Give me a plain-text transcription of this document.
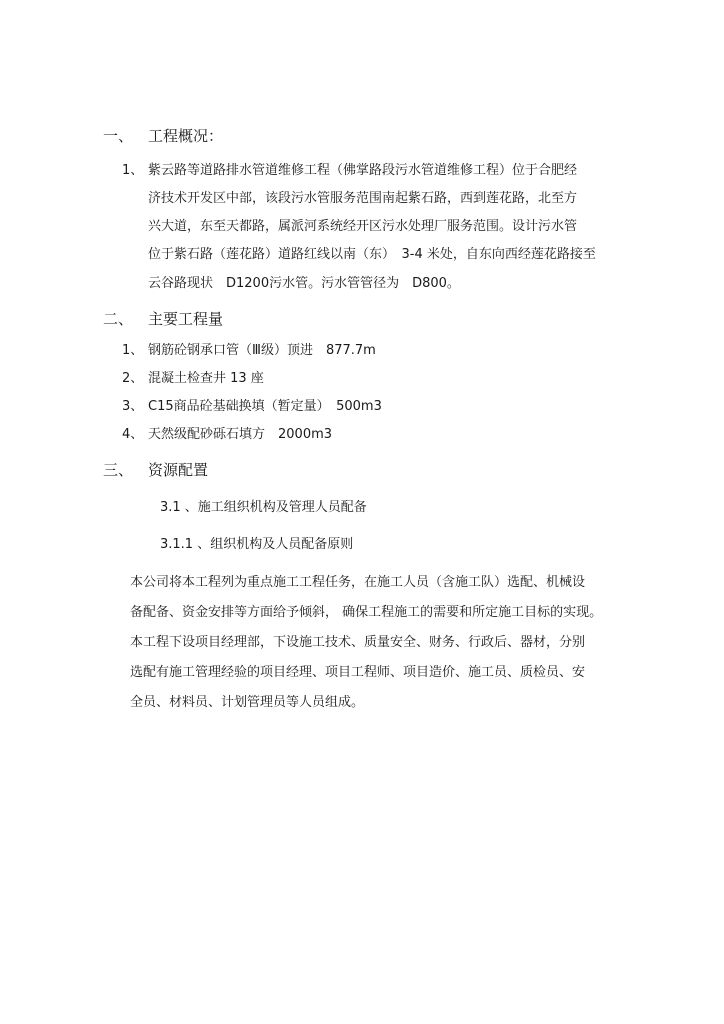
一、 工程概况：
1、 紫云路等道路排水管道维修工程（佛掌路段污水管道维修工程）位于合肥经
济技术开发区中部，该段污水管服务范围南起紫石路，西到莲花路，北至方
兴大道，东至天都路，属派河系统经开区污水处理厂服务范围。设计污水管
位于紫石路（莲花路）道路红线以南（东）　3-4 米处，自东向西经莲花路接至
云谷路现状　D1200污水管。污水管管径为　D800。
二、 主要工程量
1、 钢筋砼钢承口管（Ⅲ级）顶进　877.7m
2、 混凝土检查井 13 座
3、 C15商品砼基础换填（暂定量）　500m3
4、 天然级配砂砾石填方　2000m3
三、 资源配置
3.1 、施工组织机构及管理人员配备
3.1.1 、组织机构及人员配备原则
本公司将本工程列为重点施工工程任务，在施工人员（含施工队）选配、机械设
备配备、资金安排等方面给予倾斜， 确保工程施工的需要和所定施工目标的实现。
本工程下设项目经理部，下设施工技术、质量安全、财务、行政后、器材，分别
选配有施工管理经验的项目经理、项目工程师、项目造价、施工员、质检员、安
全员、材料员、计划管理员等人员组成。
